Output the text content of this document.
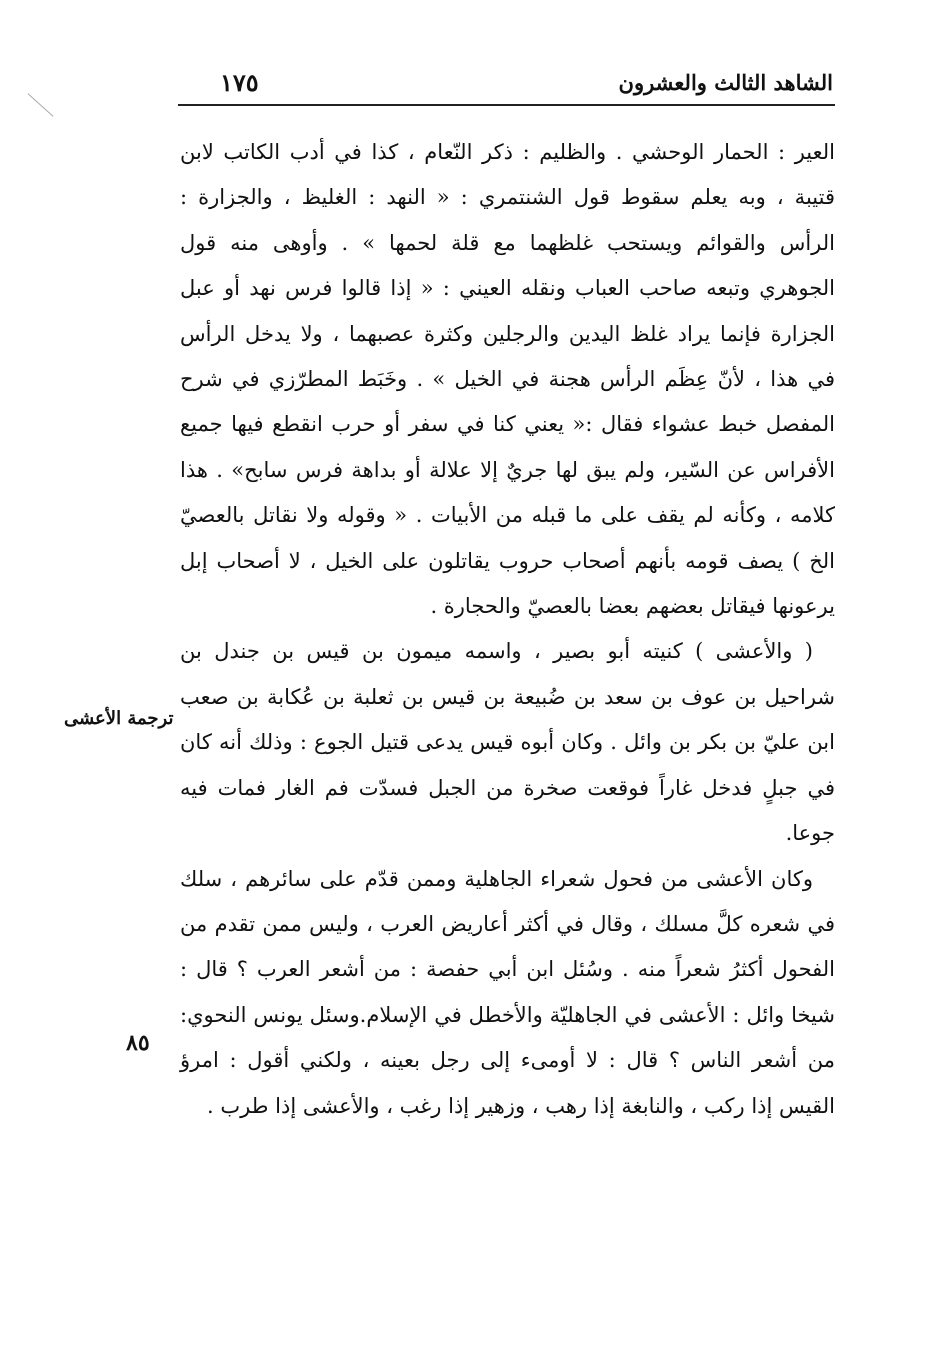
الشاهد الثالث والعشرون
١٧٥

العير : الحمار الوحشي . والظليم : ذكر النّعام ، كذا في أدب الكاتب لابن قتيبة ، وبه يعلم سقوط قول الشنتمري : « النهد : الغليظ ، والجزارة : الرأس والقوائم ويستحب غلظهما مع قلة لحمها » . وأوهى منه قول الجوهري وتبعه صاحب العباب ونقله العيني : « إذا قالوا فرس نهد أو عبل الجزارة فإنما يراد غلظ اليدين والرجلين وكثرة عصبهما ، ولا يدخل الرأس في هذا ، لأنّ عِظَم الرأس هجنة في الخيل » . وخَبَط المطرّزي في شرح المفصل خبط عشواء فقال :« يعني كنا في سفر أو حرب انقطع فيها جميع الأفراس عن السّير، ولم يبق لها جريٌ إلا علالة أو بداهة فرس سابح» . هذا كلامه ، وكأنه لم يقف على ما قبله من الأبيات . « وقوله ولا نقاتل بالعصيّ الخ ) يصف قومه بأنهم أصحاب حروب يقاتلون على الخيل ، لا أصحاب إبل يرعونها فيقاتل بعضهم بعضا بالعصيّ والحجارة .

( والأعشى ) كنيته أبو بصير ، واسمه ميمون بن قيس بن جندل بن شراحيل بن عوف بن سعد بن ضُبيعة بن قيس بن ثعلبة بن عُكابة بن صعب ابن عليّ بن بكر بن وائل . وكان أبوه قيس يدعى قتيل الجوع : وذلك أنه كان في جبلٍ فدخل غاراً فوقعت صخرة من الجبل فسدّت فم الغار فمات فيه جوعا.

وكان الأعشى من فحول شعراء الجاهلية وممن قدّم على سائرهم ، سلك في شعره كلَّ مسلك ، وقال في أكثر أعاريض العرب ، وليس ممن تقدم من الفحول أكثرُ شعراً منه . وسُئل ابن أبي حفصة : من أشعر العرب ؟ قال : شيخا وائل : الأعشى في الجاهليّة والأخطل في الإسلام.وسئل يونس النحوي: من أشعر الناس ؟ قال : لا أومىء إلى رجل بعينه ، ولكني أقول : امرؤ القيس إذا ركب ، والنابغة إذا رهب ، وزهير إذا رغب ، والأعشى إذا طرب .

ترجمة الأعشى
٨٥
